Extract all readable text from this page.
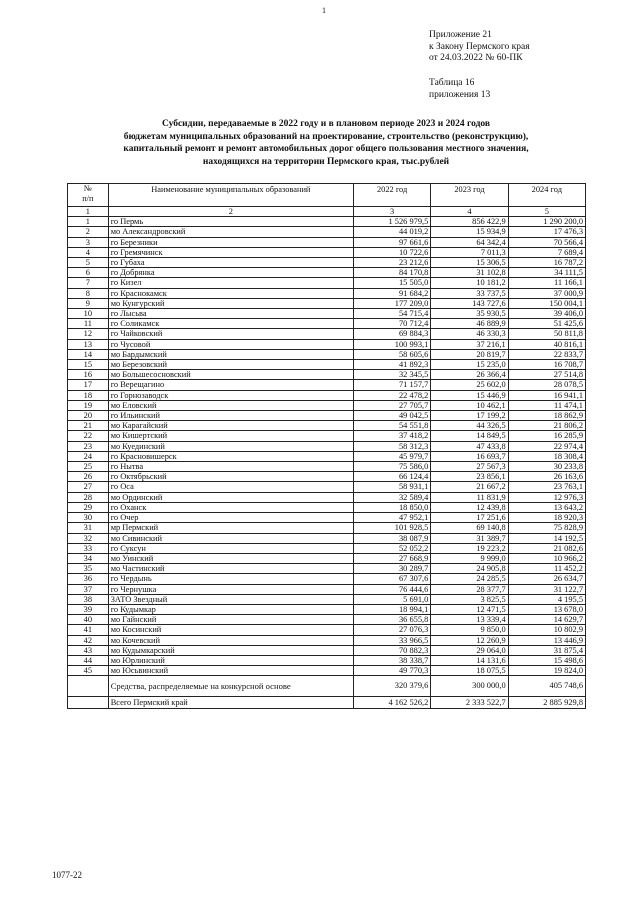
1
Приложение 21
к Закону Пермского края
от 24.03.2022 № 60-ПК
Таблица 16
приложения 13
Субсидии, передаваемые в 2022 году и в плановом периоде 2023 и 2024 годов
бюджетам муниципальных образований на проектирование, строительство (реконструкцию),
капитальный ремонт и ремонт автомобильных дорог общего пользования местного значения,
находящихся на территории Пермского края, тыс.рублей
№
п/п	Наименование муниципальных образований	2022 год	2023 год	2024 год
1	2	3	4	5
1	го Пермь	1 526 979,5	856 422,9	1 290 200,0
2	мо Александровский	44 019,2	15 934,9	17 476,3
3	го Березники	97 661,6	64 342,4	70 566,4
4	го Гремячинск	10 722,6	7 011,3	7 689,4
5	го Губаха	23 212,6	15 306,5	16 787,2
6	го Добрянка	84 170,8	31 102,8	34 111,5
7	го Кизел	15 505,0	10 181,2	11 166,1
8	го Краснокамск	91 684,2	33 737,5	37 000,9
9	мо Кунгурский	177 209,0	143 727,6	150 004,1
10	го Лысьва	54 715,4	35 930,5	39 406,0
11	го Соликамск	70 712,4	46 889,9	51 425,6
12	го Чайковский	69 884,3	46 330,3	50 811,8
13	го Чусовой	100 993,1	37 216,1	40 816,1
14	мо Бардымский	58 605,6	20 819,7	22 833,7
15	мо Березовский	41 892,3	15 235,0	16 708,7
16	мо Большесосновский	32 345,5	26 366,4	27 514,8
17	го Верещагино	71 157,7	25 602,0	28 078,5
18	го Горнозаводск	22 478,2	15 446,9	16 941,1
19	мо Еловский	27 705,7	10 462,1	11 474,1
20	го Ильинский	49 042,5	17 199,2	18 862,9
21	мо Карагайский	54 551,8	44 326,5	21 806,2
22	мо Кишертский	37 418,2	14 849,5	16 285,9
23	мо Куединский	58 312,3	47 433,8	22 974,4
24	го Красновишерск	45 979,7	16 693,7	18 308,4
25	го Нытва	75 586,0	27 567,3	30 233,8
26	го Октябрьский	66 124,4	23 856,1	26 163,6
27	го Оса	58 931,1	21 667,2	23 763,1
28	мо Ординский	32 589,4	11 831,9	12 976,3
29	го Оханск	18 850,0	12 439,8	13 643,2
30	го Очер	47 952,1	17 251,6	18 920,3
31	мр Пермский	101 928,5	69 140,8	75 828,9
32	мо Сивинский	38 087,9	31 389,7	14 192,5
33	го Суксун	52 052,2	19 223,2	21 082,6
34	мо Уинский	27 668,9	9 999,0	10 966,2
35	мо Частинский	30 289,7	24 905,8	11 452,2
36	го Чердынь	67 307,6	24 285,5	26 634,7
37	го Чернушка	76 444,6	28 377,7	31 122,7
38	ЗАТО Звездный	5 691,0	3 825,5	4 195,5
39	го Кудымкар	18 994,1	12 471,5	13 678,0
40	мо Гайнский	36 655,8	13 339,4	14 629,7
41	мо Косинский	27 076,3	9 850,0	10 802,9
42	мо Кочевский	33 966,5	12 260,9	13 446,9
43	мо Кудымкарский	70 882,3	29 064,0	31 875,4
44	мо Юрлинский	38 338,7	14 131,6	15 498,6
45	мо Юсьвинский	49 770,3	18 075,5	19 824,0
	Средства, распределяемые на конкурсной основе	320 379,6	300 000,0	405 748,6
	Всего Пермский край	4 162 526,2	2 333 522,7	2 885 929,8
1077-22
